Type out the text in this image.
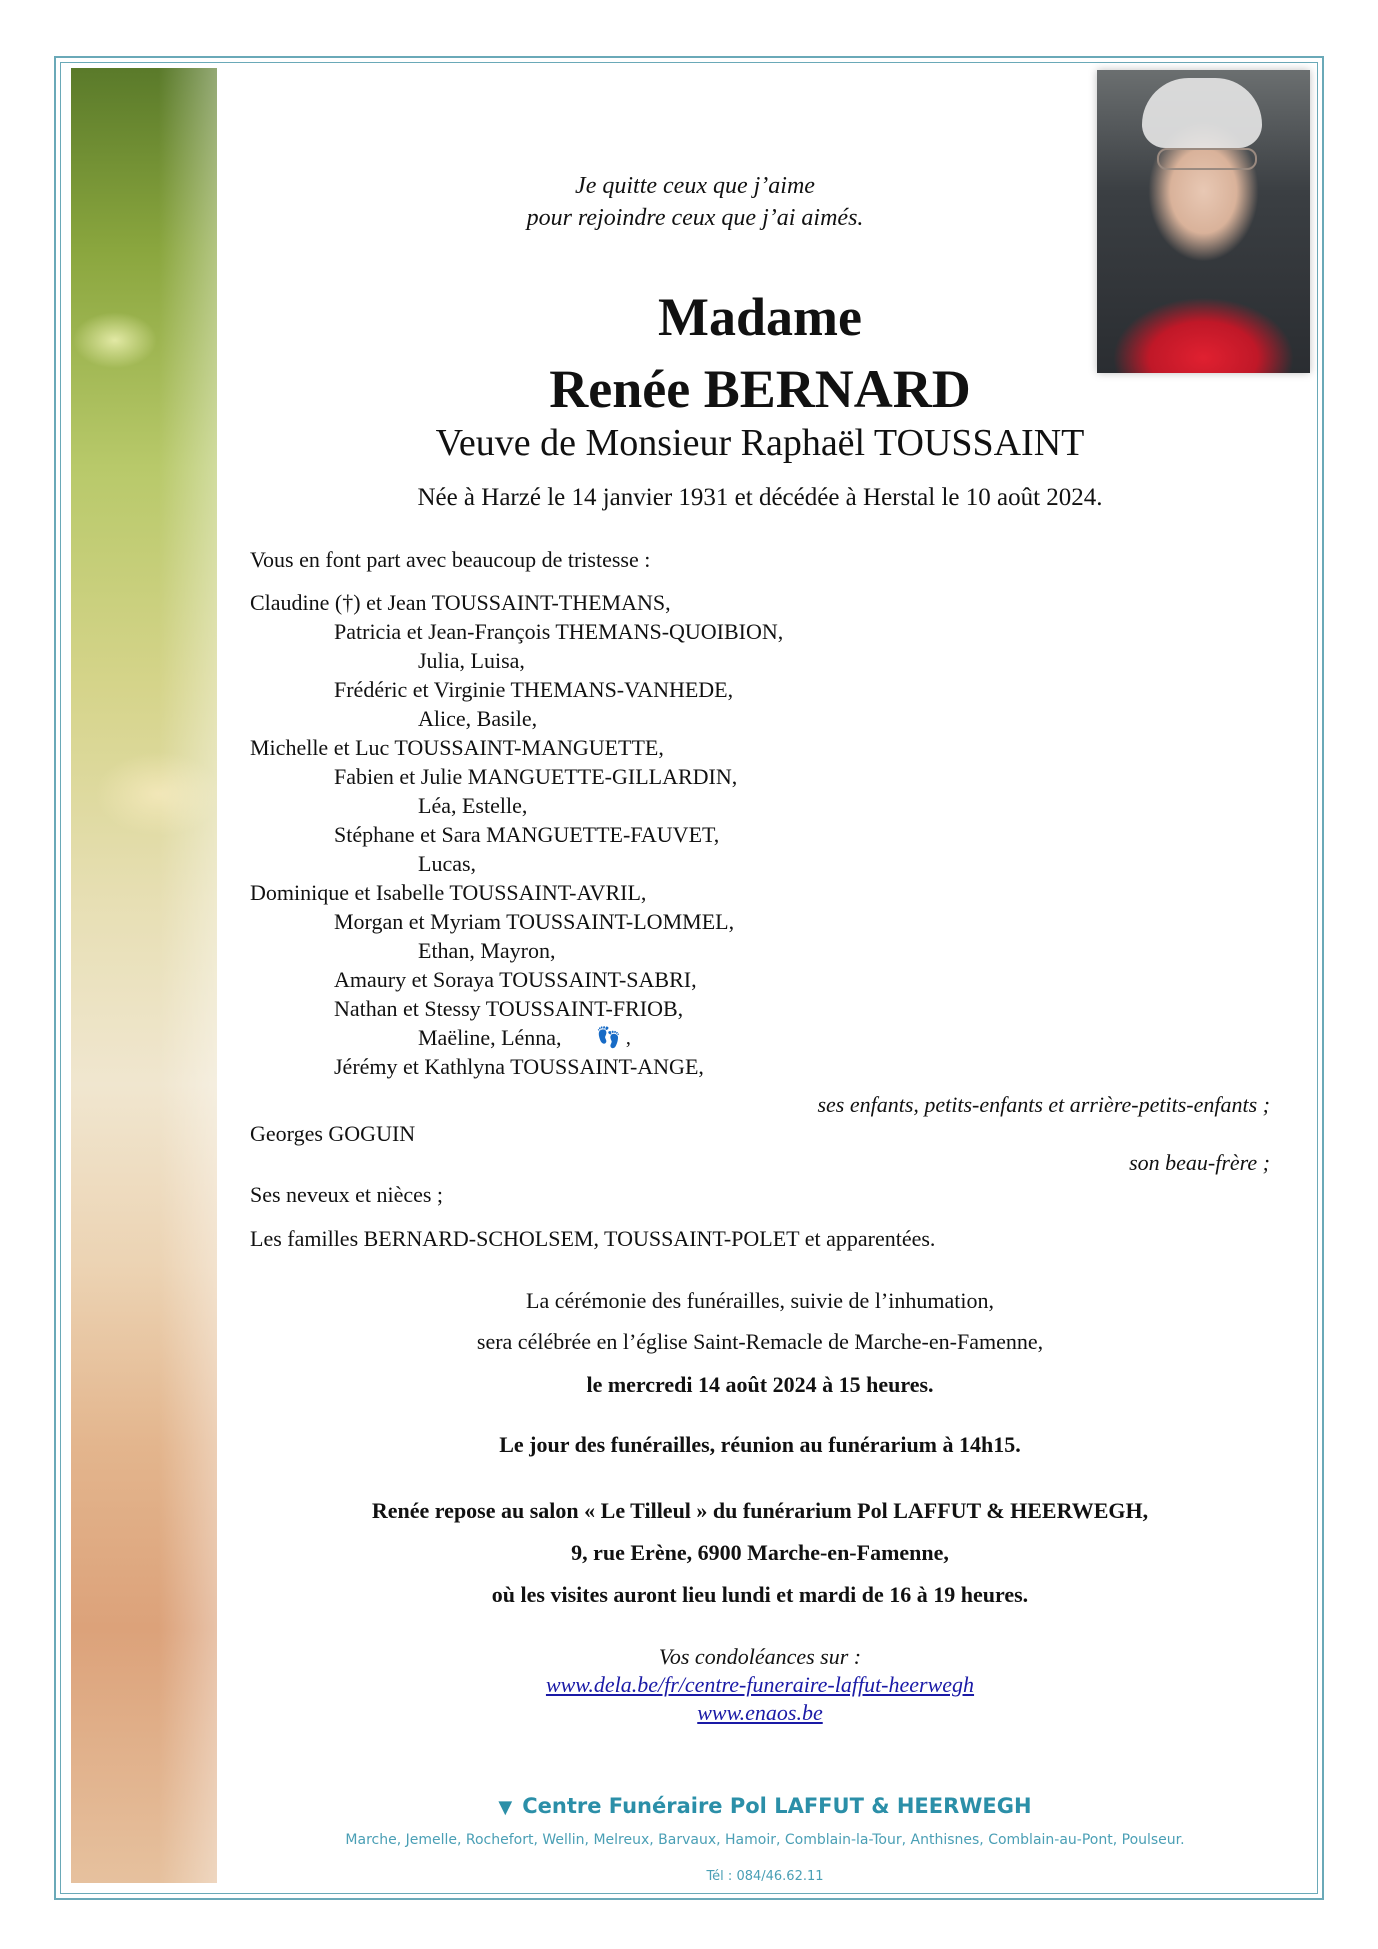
Je quitte ceux que j’aime
pour rejoindre ceux que j’ai aimés.
Madame
Renée BERNARD
Veuve de Monsieur Raphaël TOUSSAINT
Née à Harzé le 14 janvier 1931 et décédée à Herstal le 10 août 2024.
Vous en font part avec beaucoup de tristesse :
Claudine (†) et Jean TOUSSAINT-THEMANS,
Patricia et Jean-François THEMANS-QUOIBION,
Julia, Luisa,
Frédéric et Virginie THEMANS-VANHEDE,
Alice, Basile,
Michelle et Luc TOUSSAINT-MANGUETTE,
Fabien et Julie MANGUETTE-GILLARDIN,
Léa, Estelle,
Stéphane et Sara MANGUETTE-FAUVET,
Lucas,
Dominique et Isabelle TOUSSAINT-AVRIL,
Morgan et Myriam TOUSSAINT-LOMMEL,
Ethan, Mayron,
Amaury et Soraya TOUSSAINT-SABRI,
Nathan et Stessy TOUSSAINT-FRIOB,
Maëline, Lénna, 👣 ,
Jérémy et Kathlyna TOUSSAINT-ANGE,
ses enfants, petits-enfants et arrière-petits-enfants ;
Georges GOGUIN
son beau-frère ;
Ses neveux et nièces ;
Les familles BERNARD-SCHOLSEM, TOUSSAINT-POLET et apparentées.
La cérémonie des funérailles, suivie de l’inhumation,
sera célébrée en l’église Saint-Remacle de Marche-en-Famenne,
le mercredi 14 août 2024 à 15 heures.
Le jour des funérailles, réunion au funérarium à 14h15.
Renée repose au salon « Le Tilleul » du funérarium Pol LAFFUT & HEERWEGH,
9, rue Erène, 6900 Marche-en-Famenne,
où les visites auront lieu lundi et mardi de 16 à 19 heures.
Vos condoléances sur :
www.dela.be/fr/centre-funeraire-laffut-heerwegh
www.enaos.be
▼ Centre Funéraire Pol LAFFUT & HEERWEGH
Marche, Jemelle, Rochefort, Wellin, Melreux, Barvaux, Hamoir, Comblain-la-Tour, Anthisnes, Comblain-au-Pont, Poulseur.
Tél : 084/46.62.11
